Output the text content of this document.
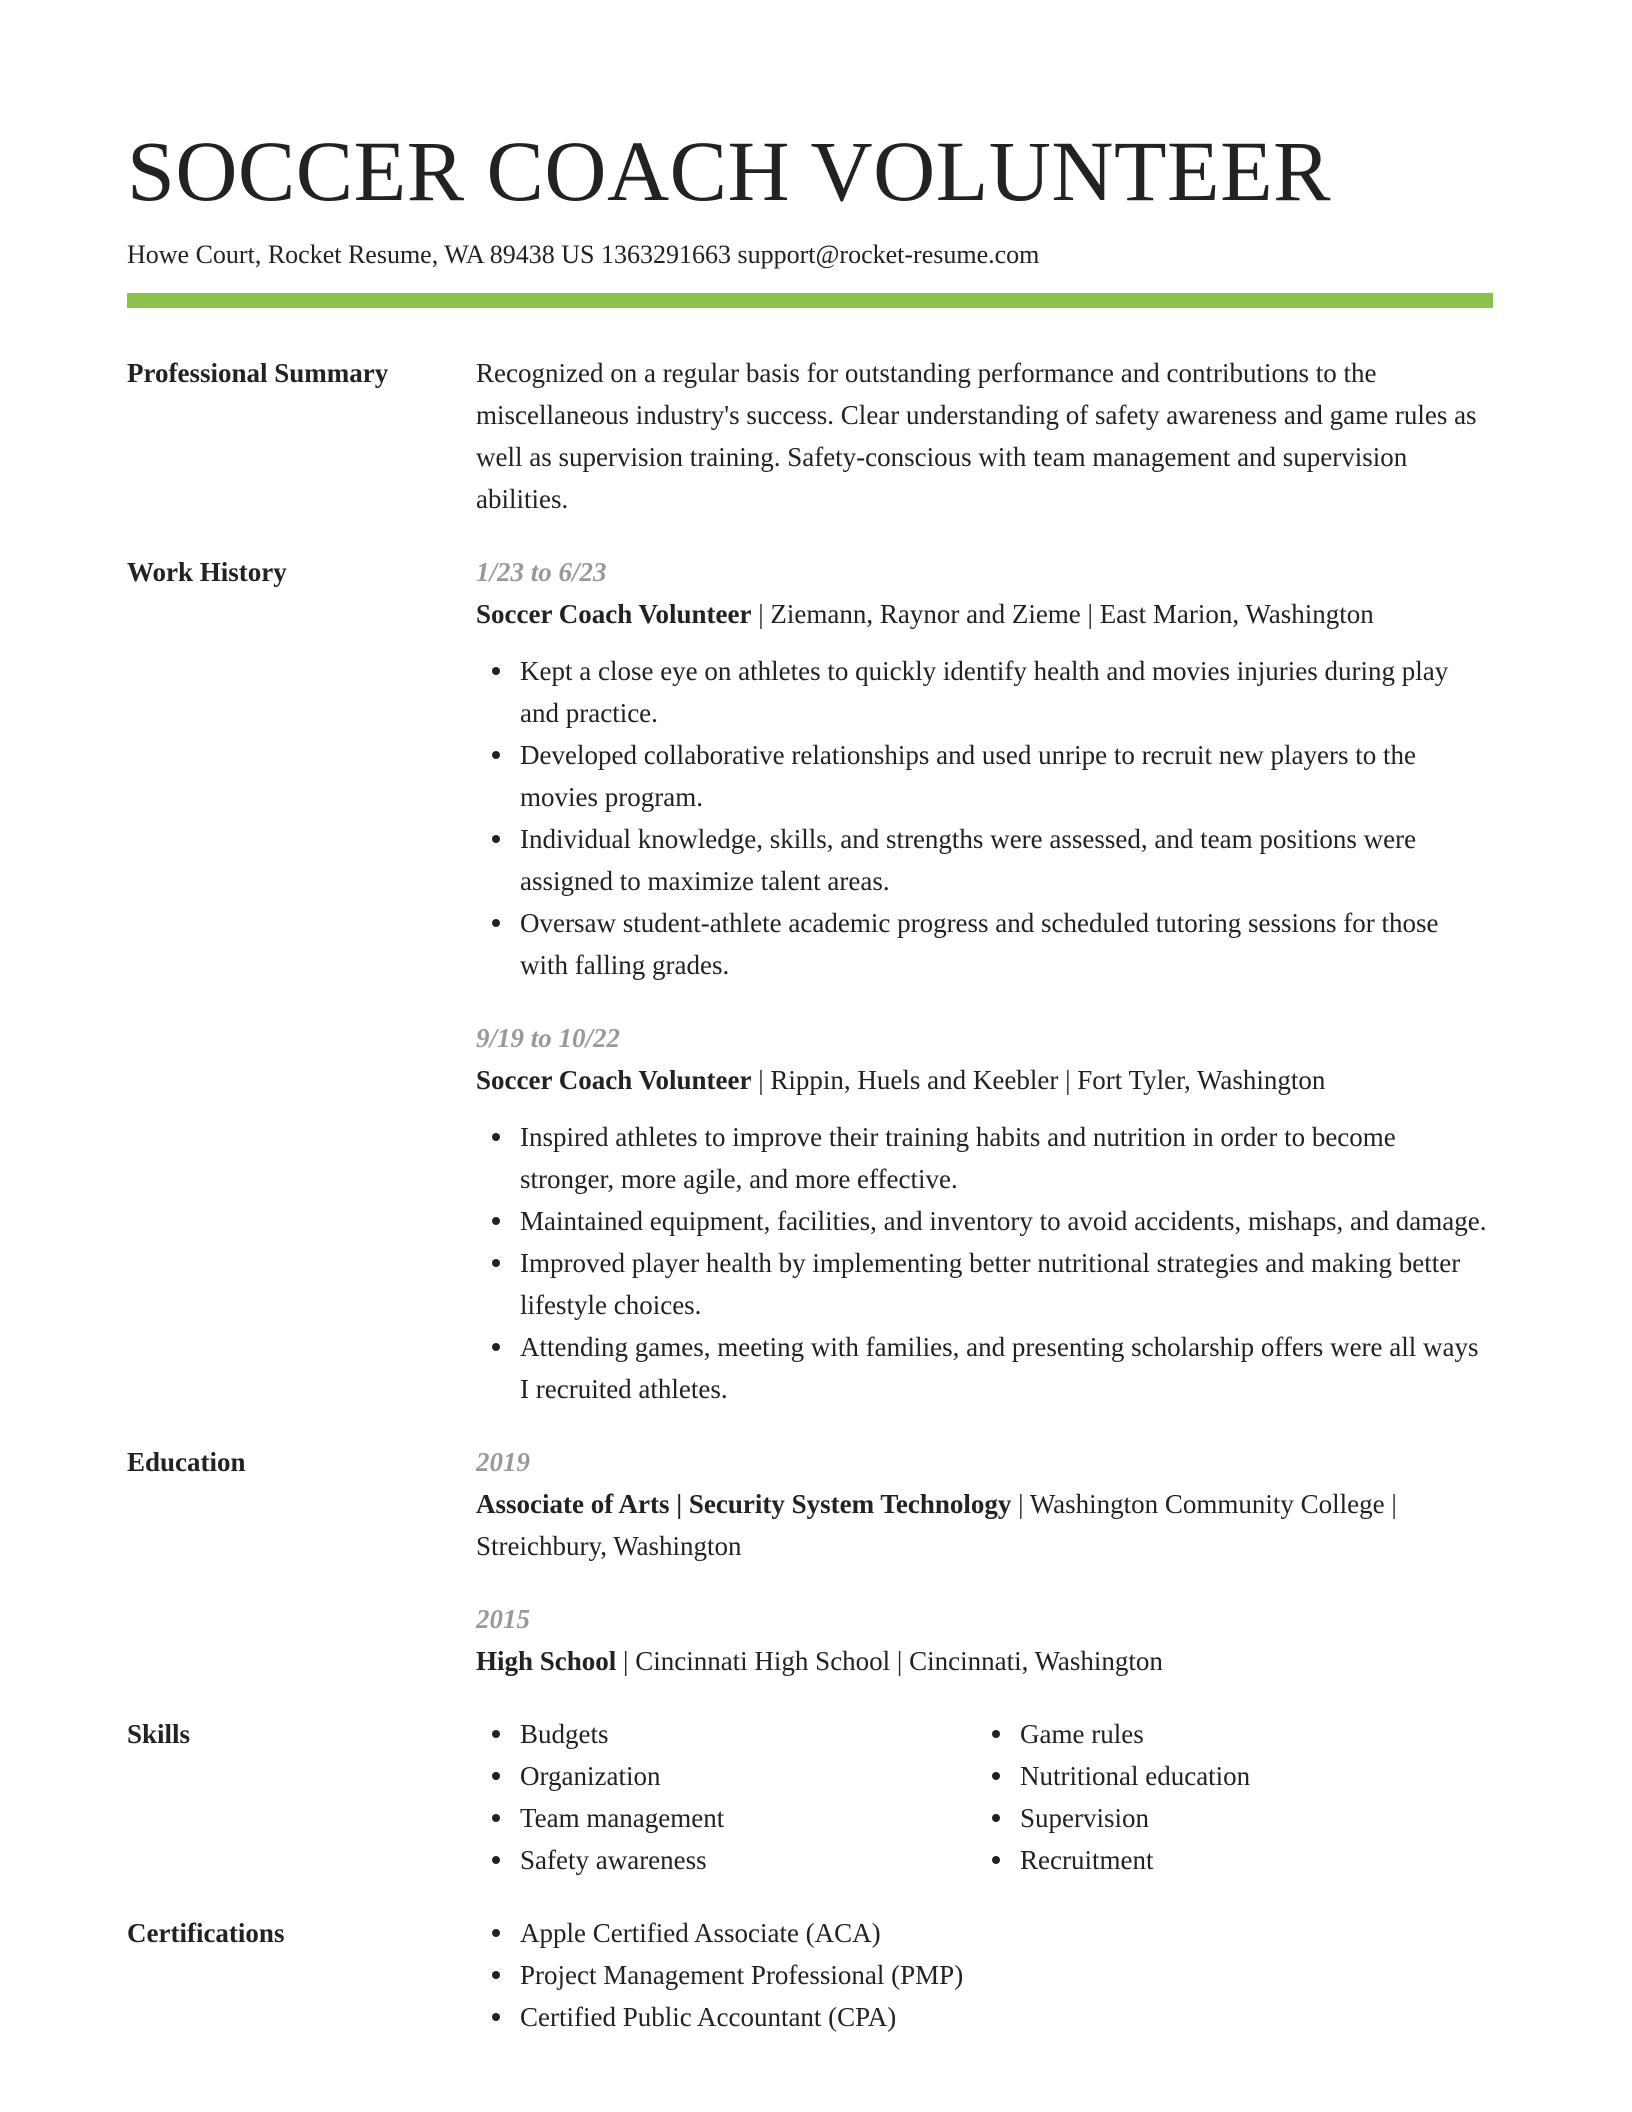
SOCCER COACH VOLUNTEER
Howe Court, Rocket Resume, WA 89438 US 1363291663 support@rocket-resume.com
Professional Summary	Recognized on a regular basis for outstanding performance and contributions to the miscellaneous industry's success. Clear understanding of safety awareness and game rules as well as supervision training. Safety-conscious with team management and supervision abilities.

Work History	1/23 to 6/23
Soccer Coach Volunteer | Ziemann, Raynor and Zieme | East Marion, Washington
Kept a close eye on athletes to quickly identify health and movies injuries during play and practice.
Developed collaborative relationships and used unripe to recruit new players to the movies program.
Individual knowledge, skills, and strengths were assessed, and team positions were assigned to maximize talent areas.
Oversaw student-athlete academic progress and scheduled tutoring sessions for those with falling grades.
9/19 to 10/22
Soccer Coach Volunteer | Rippin, Huels and Keebler | Fort Tyler, Washington
Inspired athletes to improve their training habits and nutrition in order to become stronger, more agile, and more effective.
Maintained equipment, facilities, and inventory to avoid accidents, mishaps, and damage.
Improved player health by implementing better nutritional strategies and making better lifestyle choices.
Attending games, meeting with families, and presenting scholarship offers were all ways I recruited athletes.
Education	2019
Associate of Arts | Security System Technology | Washington Community College | Streichbury, Washington
2015
High School | Cincinnati High School | Cincinnati, Washington
Skills	Budgets
Organization
Team management
Safety awareness
Game rules
Nutritional education
Supervision
Recruitment
Certifications	Apple Certified Associate (ACA)
Project Management Professional (PMP)
Certified Public Accountant (CPA)
